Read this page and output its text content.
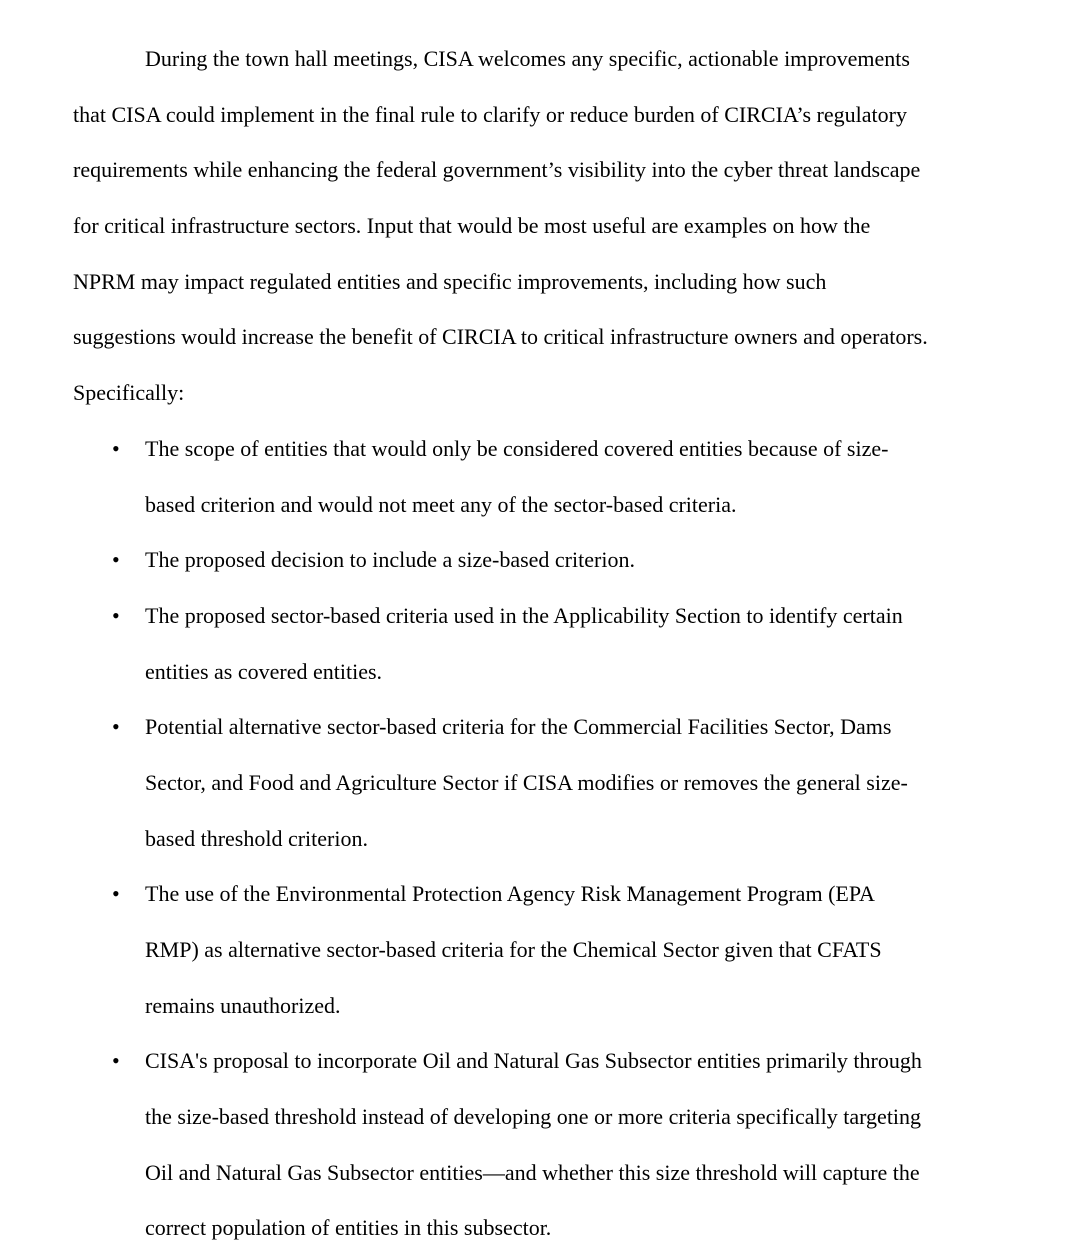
During the town hall meetings, CISA welcomes any specific, actionable improvements
that CISA could implement in the final rule to clarify or reduce burden of CIRCIA’s regulatory
requirements while enhancing the federal government’s visibility into the cyber threat landscape
for critical infrastructure sectors. Input that would be most useful are examples on how the
NPRM may impact regulated entities and specific improvements, including how such
suggestions would increase the benefit of CIRCIA to critical infrastructure owners and operators.
Specifically:
• The scope of entities that would only be considered covered entities because of size-
based criterion and would not meet any of the sector-based criteria.
• The proposed decision to include a size-based criterion.
• The proposed sector-based criteria used in the Applicability Section to identify certain
entities as covered entities.
• Potential alternative sector-based criteria for the Commercial Facilities Sector, Dams
Sector, and Food and Agriculture Sector if CISA modifies or removes the general size-
based threshold criterion.
• The use of the Environmental Protection Agency Risk Management Program (EPA
RMP) as alternative sector-based criteria for the Chemical Sector given that CFATS
remains unauthorized.
• CISA's proposal to incorporate Oil and Natural Gas Subsector entities primarily through
the size-based threshold instead of developing one or more criteria specifically targeting
Oil and Natural Gas Subsector entities—and whether this size threshold will capture the
correct population of entities in this subsector.
